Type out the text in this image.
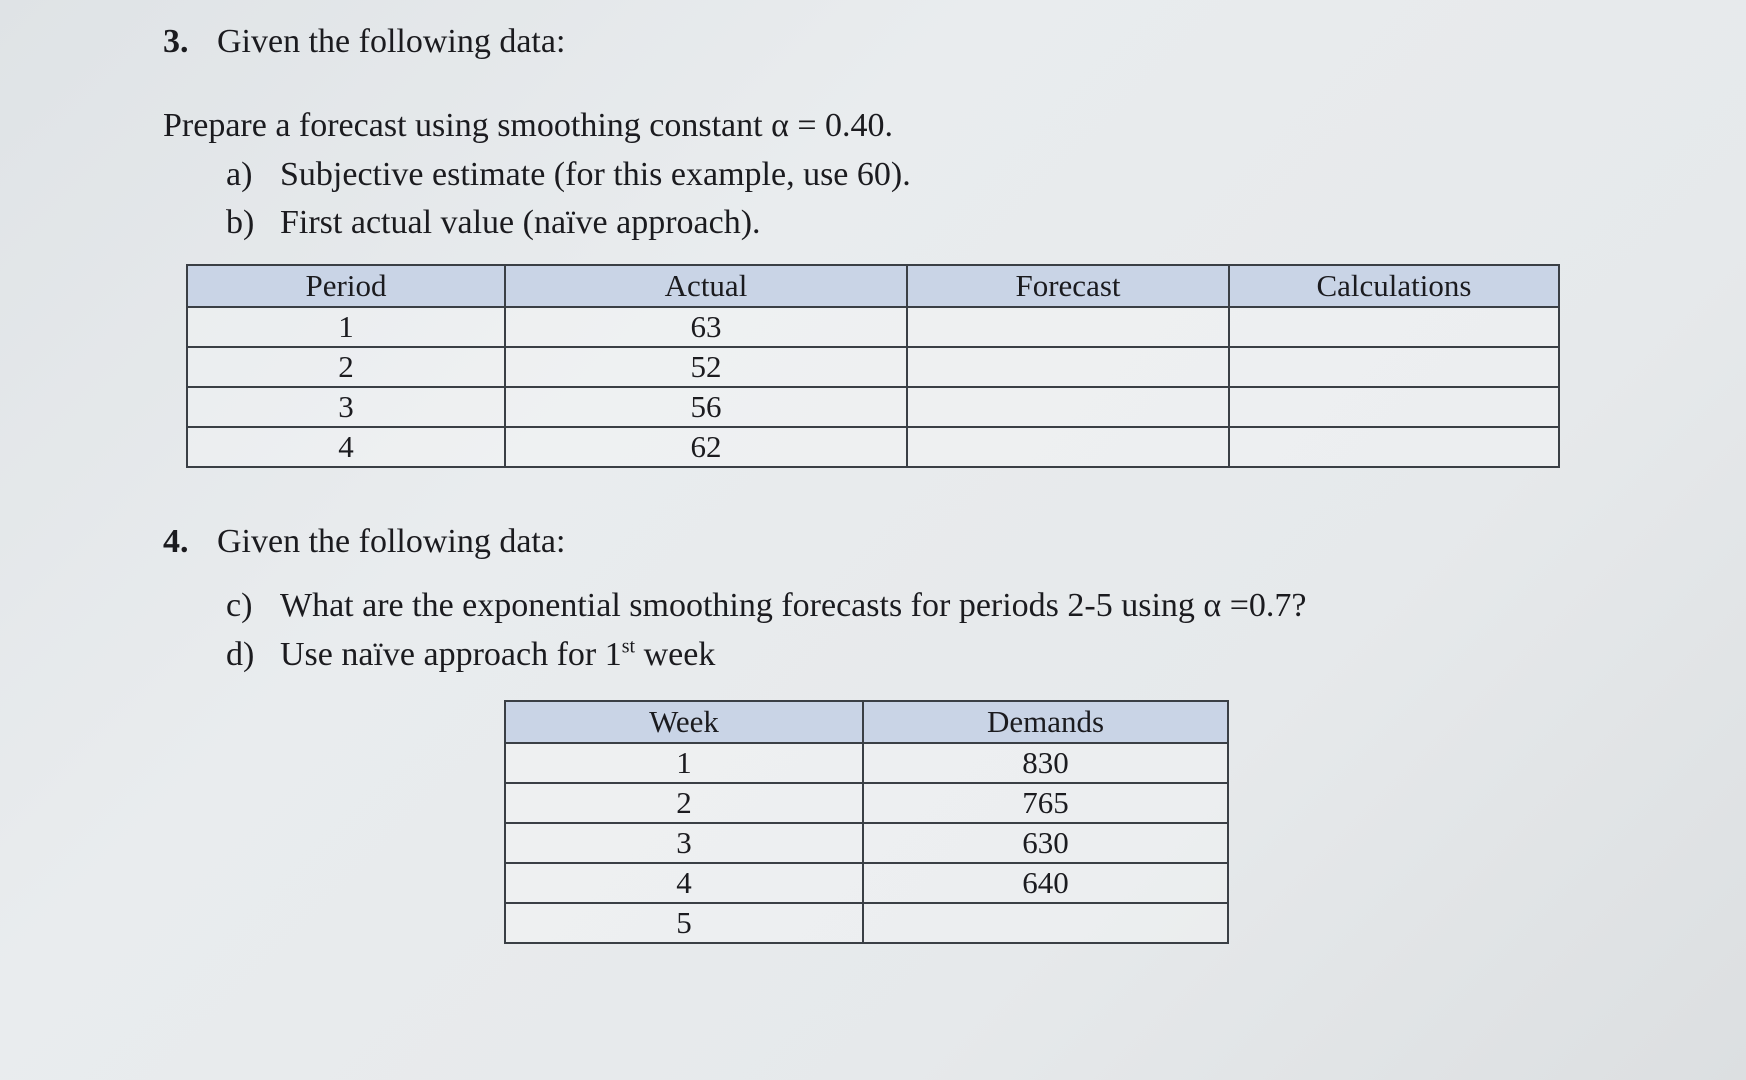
3. Given the following data:
Prepare a forecast using smoothing constant α = 0.40.
a) Subjective estimate (for this example, use 60).
b) First actual value (naïve approach).
Period	Actual	Forecast	Calculations
1	63		
2	52		
3	56		
4	62		
4. Given the following data:
c) What are the exponential smoothing forecasts for periods 2-5 using α =0.7?
d) Use naïve approach for 1st week
Week	Demands
1	830
2	765
3	630
4	640
5	
